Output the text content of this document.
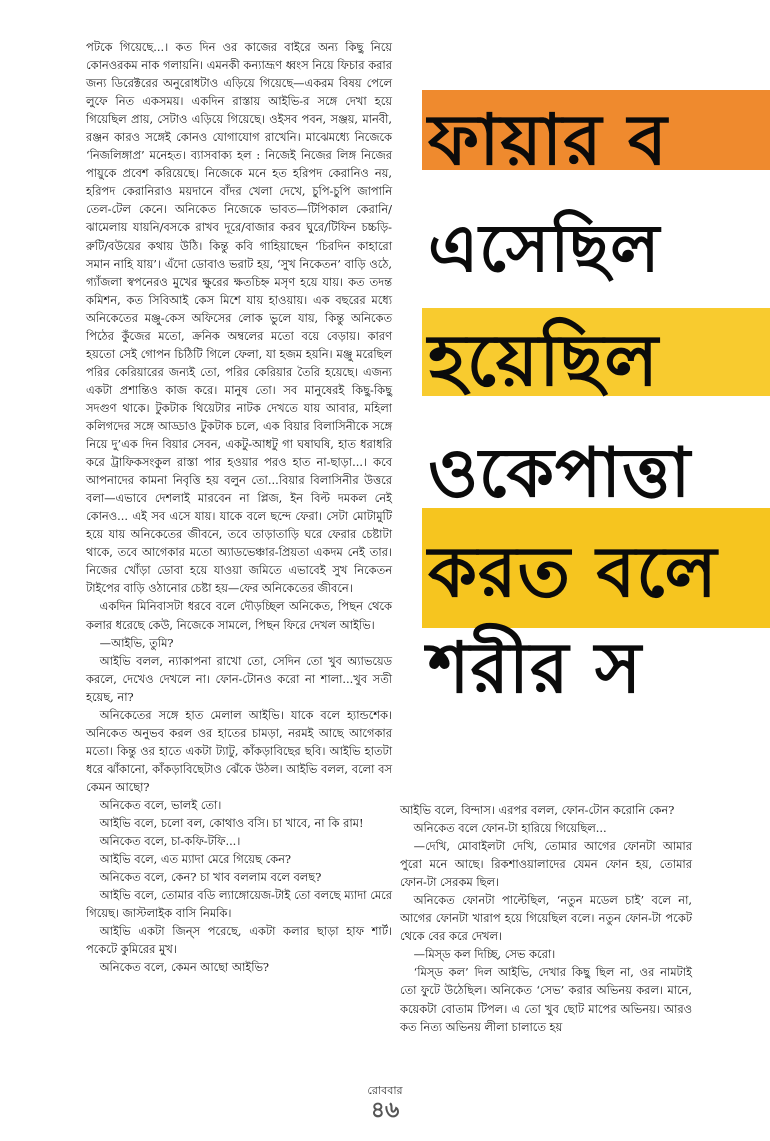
পটকে গিয়েছে...। কত দিন ওর কাজের বাইরে অন্য কিছু নিয়ে কোনওরকম নাক গলায়নি। এমনকী কন্যাভ্রূণ ধ্বংস নিয়ে ফিচার করার জন্য ডিরেক্টরের অনুরোধটাও এড়িয়ে গিয়েছে—একরম বিষয় পেলে লুফে নিত একসময়। একদিন রাস্তায় আইভি-র সঙ্গে দেখা হয়ে গিয়েছিল প্রায়, সেটাও এড়িয়ে গিয়েছে। ওইসব পবন, সঞ্জয়, মানবী, রঞ্জন কারও সঙ্গেই কোনও যোগাযোগ রাখেনি। মাঝেমধ্যে নিজেকে ‘নিজলিঙ্গাপ্ৰ’ মনেহত। ব্যাসবাক্য হল : নিজেই নিজের লিঙ্গ নিজের পায়ুকে প্রবেশ করিয়েছে। নিজেকে মনে হত হরিপদ কেরানিও নয়, হরিপদ কেরানিরাও ময়দানে বাঁদর খেলা দেখে, চুপি-চুপি জাপানি তেল-টেল কেনে। অনিকেত নিজেকে ভাবত—টিপিকাল কেরানি/ঝামেলায় যায়নি/বসকে রাখব দূরে/বাজার করব ঘুরে/টিফিন চচ্চড়ি-রুটি/বউয়ের কথায় উঠি। কিন্তু কবি গাহিয়াছেন ‘চিরদিন কাহারো সমান নাহি যায়’। এঁদো ডোবাও ভরাট হয়, ‘সুখ নিকেতন’ বাড়ি ওঠে, গ্যাঁজলা স্বপনেরও মুখের ক্ষুরের ক্ষতচিহ্ন মসৃণ হয়ে যায়। কত তদন্ত কমিশন, কত সিবিআই কেস মিশে যায় হাওয়ায়। এক বছরের মধ্যে অনিকেতের মঞ্জু-কেস অফিসের লোক ভুলে যায়, কিন্তু অনিকেত পিঠের কুঁজের মতো, ক্রনিক অম্বলের মতো বয়ে বেড়ায়। কারণ হয়তো সেই গোপন চিঠিটি গিলে ফেলা, যা হজম হয়নি। মঞ্জু মরেছিল পরির কেরিয়ারের জন্যই তো, পরির কেরিয়ার তৈরি হয়েছে। এজন্য একটা প্রশান্তিও কাজ করে। মানুষ তো। সব মানুষেরই কিছু-কিছু সদগুণ থাকে। টুকটাক থিয়েটার নাটক দেখতে যায় আবার, মহিলা কলিগদের সঙ্গে আড্ডাও টুকটাক চলে, এক বিয়ার বিলাসিনীকে সঙ্গে নিয়ে দু’এক দিন বিয়ার সেবন, একটু-আধটু গা ঘষাঘষি, হাত ধরাধরি করে ট্রাফিকসংকুল রাস্তা পার হওয়ার পরও হাত না-ছাড়া...। কবে আপনাদের কামনা নিবৃত্তি হয় বলুন তো...বিয়ার বিলাসিনীর উত্তরে বলা—এভাবে দেশলাই মারবেন না প্লিজ, ইন বিল্ট দমকল নেই কোনও... এই সব এসে যায়। যাকে বলে ছন্দে ফেরা। সেটা মোটামুটি হয়ে যায় অনিকেতের জীবনে, তবে তাড়াতাড়ি ঘরে ফেরার চেষ্টাটা থাকে, তবে আগেকার মতো অ্যাডভেঞ্চার-প্রিয়তা একদম নেই তার। নিজের খোঁড়া ডোবা হয়ে যাওয়া জমিতে এভাবেই সুখ নিকেতন টাইপের বাড়ি ওঠানোর চেষ্টা হয়—ফের অনিকেতের জীবনে।

একদিন মিনিবাসটা ধরবে বলে দৌড়চ্ছিল অনিকেত, পিছন থেকে কলার ধরেছে কেউ, নিজেকে সামলে, পিছন ফিরে দেখল আইভি।

—আইভি, তুমি?

আইভি বলল, ন্যাকাপনা রাখো তো, সেদিন তো খুব অ্যাভয়েড করলে, দেখেও দেখলে না। ফোন-টোনও করো না শালা...খুব সতী হয়েছ, না?

অনিকেতের সঙ্গে হাত মেলাল আইভি। যাকে বলে হ্যান্ডশেক। অনিকেত অনুভব করল ওর হাতের চামড়া, নরমই আছে আগেকার মতো। কিন্তু ওর হাতে একটা ট্যাটু, কাঁকড়াবিছের ছবি। আইভি হাতটা ধরে ঝাঁকানো, কাঁকড়াবিছেটাও ঝেঁকে উঠল। আইভি বলল, বলো বস কেমন আছো?

অনিকেত বলে, ভালই তো।

আইভি বলে, চলো বল, কোথাও বসি। চা খাবে, না কি রাম!

অনিকেত বলে, চা-কফি-টফি...।

আইভি বলে, এত ম্যাদা মেরে গিয়েছ কেন?

অনিকেত বলে, কেন? চা খাব বললাম বলে বলছ?

আইভি বলে, তোমার বডি ল্যাঙ্গোয়েজ-টাই তো বলছে ম্যাদা মেরে গিয়েছ। জাস্টলাইক বাসি নিমকি।

আইভি একটা জিন্‌স পরেছে, একটা কলার ছাড়া হাফ শার্ট। পকেটে কুমিরের মুখ।

অনিকেত বলে, কেমন আছো আইভি?

ফায়ার ব
এসেছিল
হয়েছিল
ওকেপাত্তা
করত বলে
শরীর স

আইভি বলে, বিন্দাস। এরপর বলল, ফোন-টোন করোনি কেন?

অনিকেত বলে ফোন-টা হারিয়ে গিয়েছিল...

—দেখি, মোবাইলটা দেখি, তোমার আগের ফোনটা আমার পুরো মনে আছে। রিকশাওয়ালাদের যেমন ফোন হয়, তোমার ফোন-টা সেরকম ছিল।

অনিকেত ফোনটা পাল্টেছিল, ‘নতুন মডেল চাই’ বলে না, আগের ফোনটা খারাপ হয়ে গিয়েছিল বলে। নতুন ফোন-টা পকেট থেকে বের করে দেখল।

—মিস্‌ড কল দিচ্ছি, সেভ করো।

‘মিস্‌ড কল’ দিল আইভি, দেখার কিছু ছিল না, ওর নামটাই তো ফুটে উঠেছিল। অনিকেত ‘সেভ’ করার অভিনয় করল। মানে, কয়েকটা বোতাম টিপল। এ তো খুব ছোট মাপের অভিনয়। আরও কত নিত্য অভিনয় লীলা চালাতে হয়

রোববার
৪৬
